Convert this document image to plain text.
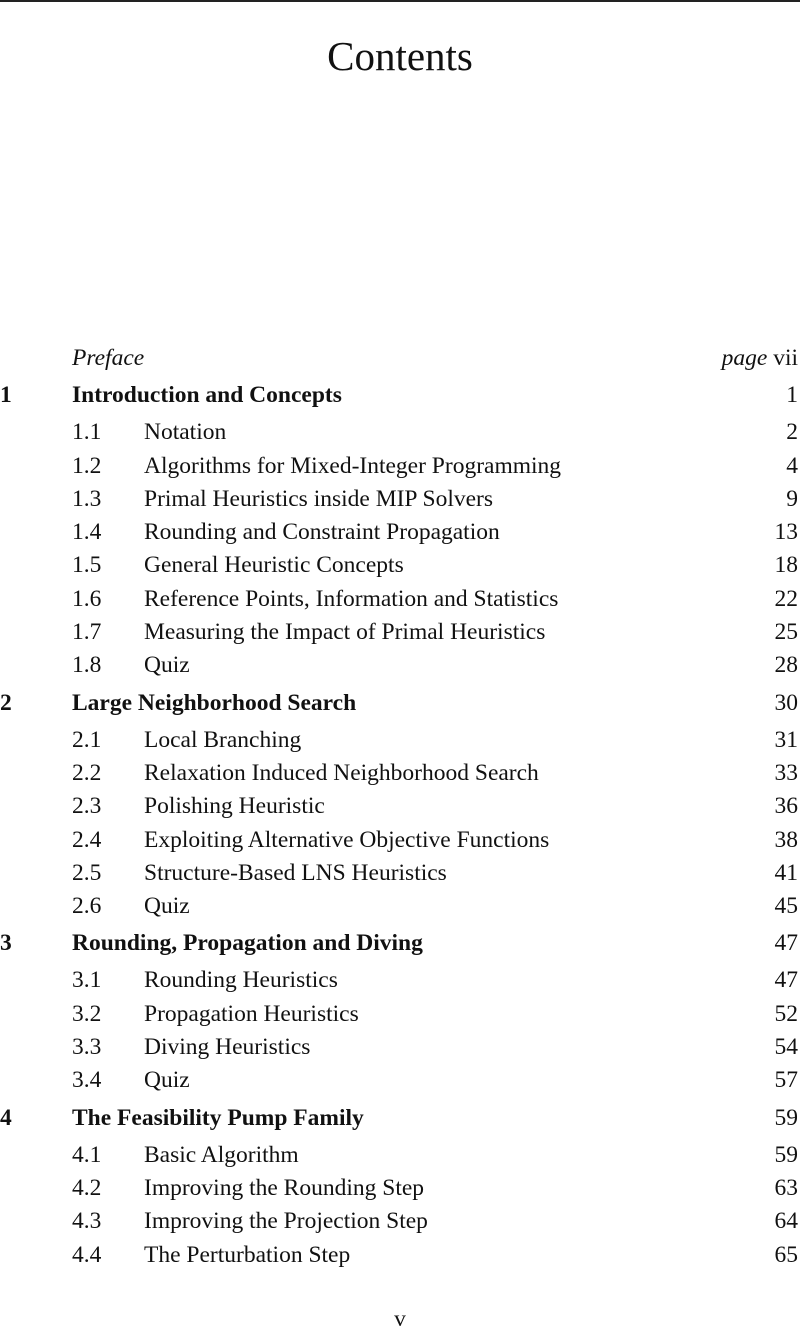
Contents
Preface	page vii
1	Introduction and Concepts	1
1.1 Notation	2
1.2 Algorithms for Mixed-Integer Programming	4
1.3 Primal Heuristics inside MIP Solvers	9
1.4 Rounding and Constraint Propagation	13
1.5 General Heuristic Concepts	18
1.6 Reference Points, Information and Statistics	22
1.7 Measuring the Impact of Primal Heuristics	25
1.8 Quiz	28
2	Large Neighborhood Search	30
2.1 Local Branching	31
2.2 Relaxation Induced Neighborhood Search	33
2.3 Polishing Heuristic	36
2.4 Exploiting Alternative Objective Functions	38
2.5 Structure-Based LNS Heuristics	41
2.6 Quiz	45
3	Rounding, Propagation and Diving	47
3.1 Rounding Heuristics	47
3.2 Propagation Heuristics	52
3.3 Diving Heuristics	54
3.4 Quiz	57
4	The Feasibility Pump Family	59
4.1 Basic Algorithm	59
4.2 Improving the Rounding Step	63
4.3 Improving the Projection Step	64
4.4 The Perturbation Step	65
v
